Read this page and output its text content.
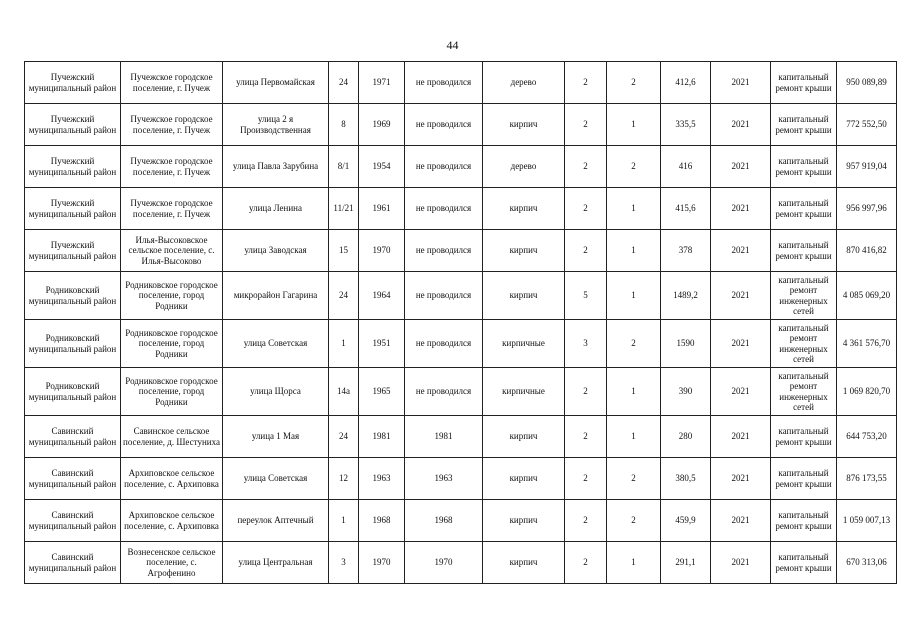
44
Пучежский муниципальный район	Пучежское городское поселение, г. Пучеж	улица Первомайская	24	1971	не проводился	дерево	2	2	412,6	2021	капитальный ремонт крыши	950 089,89
Пучежский муниципальный район	Пучежское городское поселение, г. Пучеж	улица 2 я Производственная	8	1969	не проводился	кирпич	2	1	335,5	2021	капитальный ремонт крыши	772 552,50
Пучежский муниципальный район	Пучежское городское поселение, г. Пучеж	улица Павла Зарубина	8/1	1954	не проводился	дерево	2	2	416	2021	капитальный ремонт крыши	957 919,04
Пучежский муниципальный район	Пучежское городское поселение, г. Пучеж	улица Ленина	11/21	1961	не проводился	кирпич	2	1	415,6	2021	капитальный ремонт крыши	956 997,96
Пучежский муниципальный район	Илья-Высоковское сельское поселение, с. Илья-Высоково	улица Заводская	15	1970	не проводился	кирпич	2	1	378	2021	капитальный ремонт крыши	870 416,82
Родниковский муниципальный район	Родниковское городское поселение, город Родники	микрорайон Гагарина	24	1964	не проводился	кирпич	5	1	1489,2	2021	капитальный ремонт инженерных сетей	4 085 069,20
Родниковский муниципальный район	Родниковское городское поселение, город Родники	улица Советская	1	1951	не проводился	кирпичные	3	2	1590	2021	капитальный ремонт инженерных сетей	4 361 576,70
Родниковский муниципальный район	Родниковское городское поселение, город Родники	улица Щорса	14а	1965	не проводился	кирпичные	2	1	390	2021	капитальный ремонт инженерных сетей	1 069 820,70
Савинский муниципальный район	Савинское сельское поселение, д. Шестуниха	улица 1 Мая	24	1981	1981	кирпич	2	1	280	2021	капитальный ремонт крыши	644 753,20
Савинский муниципальный район	Архиповское сельское поселение, с. Архиповка	улица Советская	12	1963	1963	кирпич	2	2	380,5	2021	капитальный ремонт крыши	876 173,55
Савинский муниципальный район	Архиповское сельское поселение, с. Архиповка	переулок Аптечный	1	1968	1968	кирпич	2	2	459,9	2021	капитальный ремонт крыши	1 059 007,13
Савинский муниципальный район	Вознесенское сельское поселение, с. Агрофенино	улица Центральная	3	1970	1970	кирпич	2	1	291,1	2021	капитальный ремонт крыши	670 313,06
